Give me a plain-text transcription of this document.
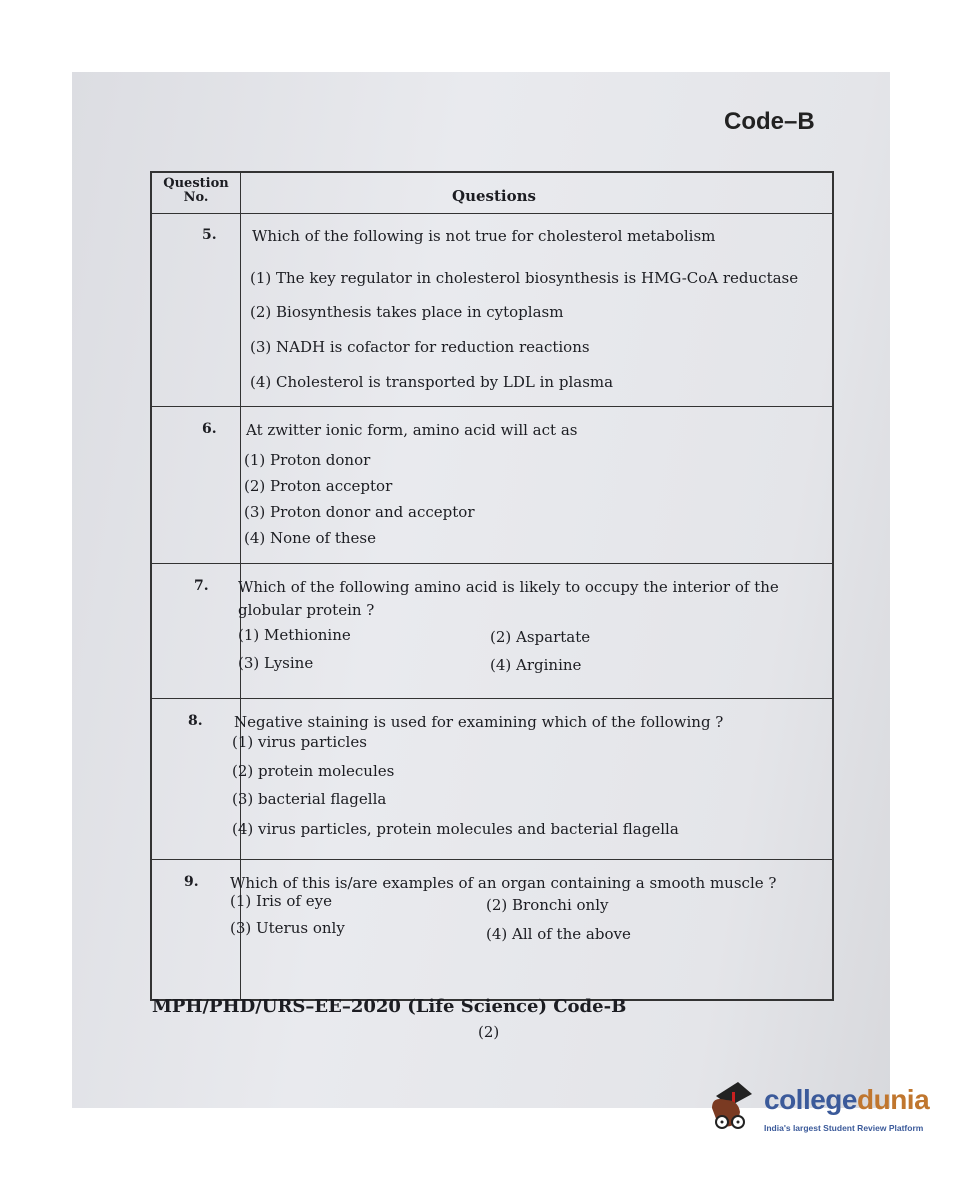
Code–B
Question No.	Questions
5. Which of the following is not true for cholesterol metabolism
(1) The key regulator in cholesterol biosynthesis is HMG-CoA reductase
(2) Biosynthesis takes place in cytoplasm
(3) NADH is cofactor for reduction reactions
(4) Cholesterol is transported by LDL in plasma
6. At zwitter ionic form, amino acid will act as
(1) Proton donor
(2) Proton acceptor
(3) Proton donor and acceptor
(4) None of these
7. Which of the following amino acid is likely to occupy the interior of the globular protein ?
(1) Methionine	(2) Aspartate
(3) Lysine	(4) Arginine
8. Negative staining is used for examining which of the following ?
(1) virus particles
(2) protein molecules
(3) bacterial flagella
(4) virus particles, protein molecules and bacterial flagella
9. Which of this is/are examples of an organ containing a smooth muscle ?
(1) Iris of eye	(2) Bronchi only
(3) Uterus only	(4) All of the above
MPH/PHD/URS–EE–2020 (Life Science) Code-B
(2)
collegedunia
India's largest Student Review Platform
